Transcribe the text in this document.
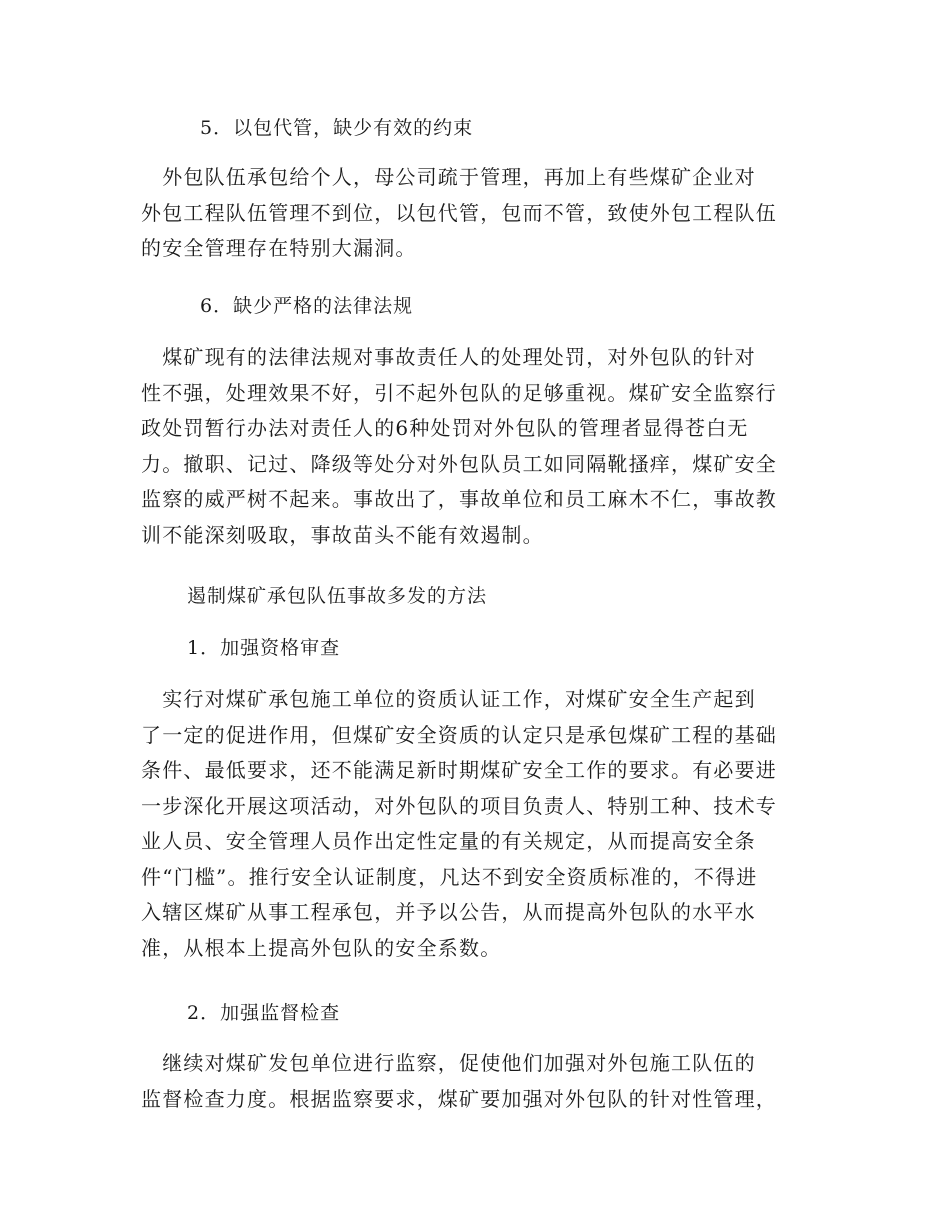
5．以包代管，缺少有效的约束
　外包队伍承包给个人，母公司疏于管理，再加上有些煤矿企业对
外包工程队伍管理不到位，以包代管，包而不管，致使外包工程队伍
的安全管理存在特别大漏洞。
6．缺少严格的法律法规
　煤矿现有的法律法规对事故责任人的处理处罚，对外包队的针对
性不强，处理效果不好，引不起外包队的足够重视。煤矿安全监察行
政处罚暂行办法对责任人的6种处罚对外包队的管理者显得苍白无
力。撤职、记过、降级等处分对外包队员工如同隔靴搔痒，煤矿安全
监察的威严树不起来。事故出了，事故单位和员工麻木不仁，事故教
训不能深刻吸取，事故苗头不能有效遏制。
遏制煤矿承包队伍事故多发的方法
1．加强资格审查
　实行对煤矿承包施工单位的资质认证工作，对煤矿安全生产起到
了一定的促进作用，但煤矿安全资质的认定只是承包煤矿工程的基础
条件、最低要求，还不能满足新时期煤矿安全工作的要求。有必要进
一步深化开展这项活动，对外包队的项目负责人、特别工种、技术专
业人员、安全管理人员作出定性定量的有关规定，从而提高安全条
件“门槛”。推行安全认证制度，凡达不到安全资质标准的，不得进
入辖区煤矿从事工程承包，并予以公告，从而提高外包队的水平水
准，从根本上提高外包队的安全系数。
2．加强监督检查
　继续对煤矿发包单位进行监察，促使他们加强对外包施工队伍的
监督检查力度。根据监察要求，煤矿要加强对外包队的针对性管理，
